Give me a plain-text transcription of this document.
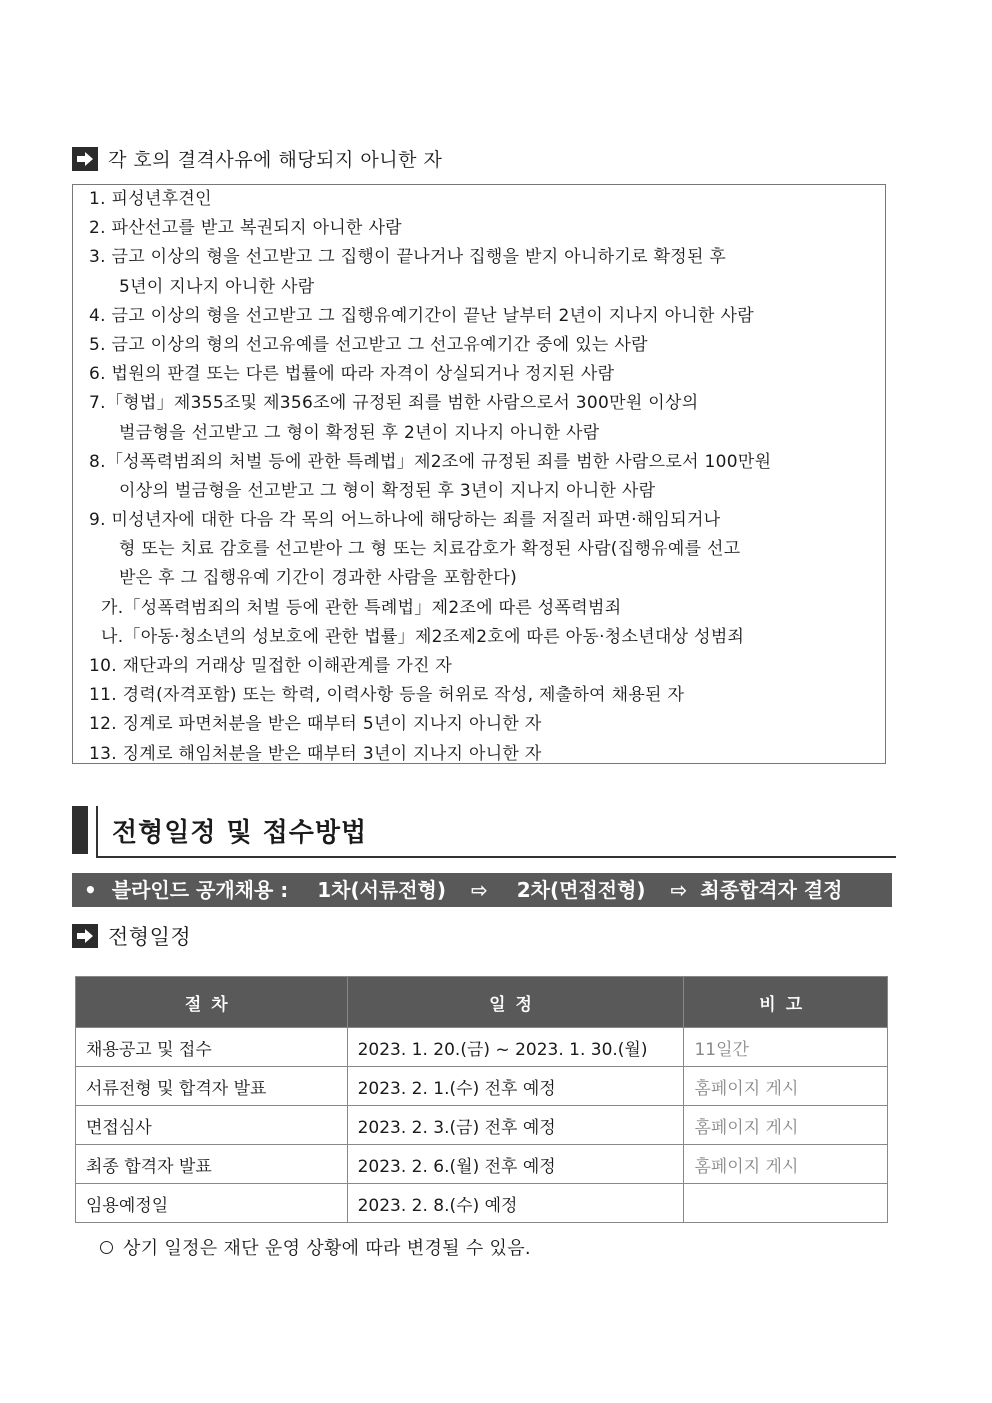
각 호의 결격사유에 해당되지 아니한 자
1. 피성년후견인
2. 파산선고를 받고 복권되지 아니한 사람
3. 금고 이상의 형을 선고받고 그 집행이 끝나거나 집행을 받지 아니하기로 확정된 후
5년이 지나지 아니한 사람
4. 금고 이상의 형을 선고받고 그 집행유예기간이 끝난 날부터 2년이 지나지 아니한 사람
5. 금고 이상의 형의 선고유예를 선고받고 그 선고유예기간 중에 있는 사람
6. 법원의 판결 또는 다른 법률에 따라 자격이 상실되거나 정지된 사람
7.「형법」제355조및 제356조에 규정된 죄를 범한 사람으로서 300만원 이상의
벌금형을 선고받고 그 형이 확정된 후 2년이 지나지 아니한 사람
8.「성폭력범죄의 처벌 등에 관한 특례법」제2조에 규정된 죄를 범한 사람으로서 100만원
이상의 벌금형을 선고받고 그 형이 확정된 후 3년이 지나지 아니한 사람
9. 미성년자에 대한 다음 각 목의 어느하나에 해당하는 죄를 저질러 파면·해임되거나
형 또는 치료 감호를 선고받아 그 형 또는 치료감호가 확정된 사람(집행유예를 선고
받은 후 그 집행유예 기간이 경과한 사람을 포함한다)
가.「성폭력범죄의 처벌 등에 관한 특례법」제2조에 따른 성폭력범죄
나.「아동·청소년의 성보호에 관한 법률」제2조제2호에 따른 아동·청소년대상 성범죄
10. 재단과의 거래상 밀접한 이해관계를 가진 자
11. 경력(자격포함) 또는 학력, 이력사항 등을 허위로 작성, 제출하여 채용된 자
12. 징계로 파면처분을 받은 때부터 5년이 지나지 아니한 자
13. 징계로 해임처분을 받은 때부터 3년이 지나지 아니한 자
전형일정 및 접수방법
• 블라인드 공개채용 : 1차(서류전형) ⇨ 2차(면접전형) ⇨ 최종합격자 결정
전형일정
절차	일정	비고
채용공고 및 접수	2023. 1. 20.(금) ~ 2023. 1. 30.(월)	11일간
서류전형 및 합격자 발표	2023. 2. 1.(수) 전후 예정	홈페이지 게시
면접심사	2023. 2. 3.(금) 전후 예정	홈페이지 게시
최종 합격자 발표	2023. 2. 6.(월) 전후 예정	홈페이지 게시
임용예정일	2023. 2. 8.(수) 예정	
상기 일정은 재단 운영 상황에 따라 변경될 수 있음.
